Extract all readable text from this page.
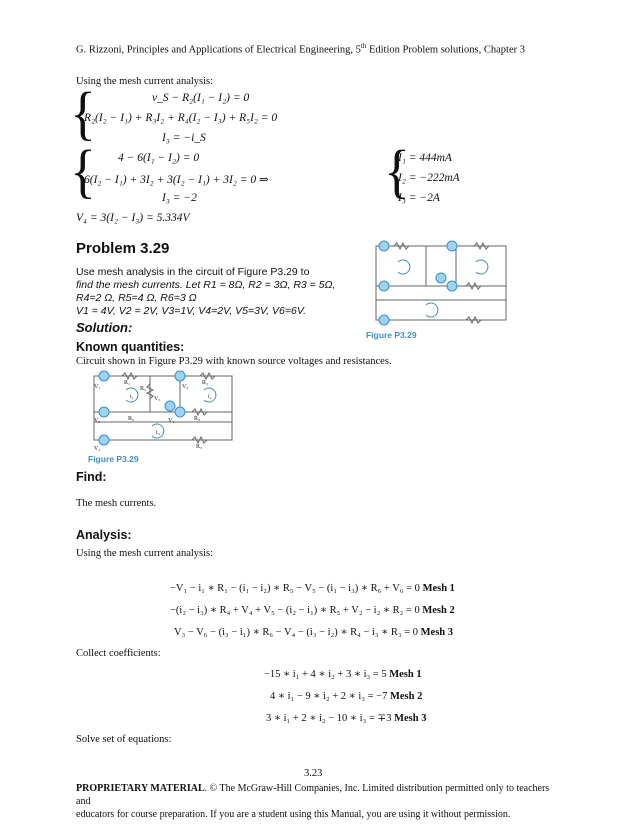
G. Rizzoni, Principles and Applications of Electrical Engineering, 5th Edition Problem solutions, Chapter 3
Using the mesh current analysis:
{	v_S − R₂(I₁ − I₂) = 0
R₂(I₂ − I₁) + R₃I₂ + R₄(I₂ − I₃) + R₅I₂ = 0
I₃ = −i_S
{ 4 − 6(I₁ − I₂) = 0
6(I₂ − I₁) + 3I₂ + 3(I₂ − I₁) + 3I₂ = 0 ⇒
I₃ = −2	{
I₁ = 444mA
I₂ = −222mA
I₃ = −2A
V₄ = 3(I₂ − I₃) = 5.334V
Problem 3.29
Use mesh analysis in the circuit of Figure P3.29 to
find the mesh currents. Let R1 = 8Ω, R2 = 3Ω, R3 = 5Ω,
R4=2 Ω, R5=4 Ω, R6=3 Ω
V1 = 4V, V2 = 2V, V3=1V, V4=2V, V5=3V, V6=6V.
Figure P3.29
Solution:
Known quantities:
Circuit shown in Figure P3.29 with known source voltages and resistances.
V₁	V₂
V₃
V₄
V₅
V₆
R₁	R₂
R₃
R₄
R₅
R₆
i₁	i₂
i₃
Figure P3.29
Find:
The mesh currents.
Analysis:
Using the mesh current analysis:
−V₁ − i₁ ∗ R₁ − (i₁ − i₂) ∗ R₅ − V₅ − (i₁ − i₃) ∗ R₆ + V₆ = 0 Mesh 1
−(i₂ − i₃) ∗ R₄ + V₄ + V₅ − (i₂ − i₁) ∗ R₅ + V₂ − i₂ ∗ R₂ = 0 Mesh 2
V₃ − V₆ − (i₃ − i₁) ∗ R₆ − V₄ − (i₃ − i₂) ∗ R₄ − i₃ ∗ R₃ = 0 Mesh 3
Collect coefficients:
−15 ∗ i₁ + 4 ∗ i₂ + 3 ∗ i₃ = 5 Mesh 1
4 ∗ i₁ − 9 ∗ i₂ + 2 ∗ i₃ = −7 Mesh 2
3 ∗ i₁ + 2 ∗ i₂ − 10 ∗ i₃ = ∓3 Mesh 3
Solve set of equations:
3.23
PROPRIETARY MATERIAL. © The McGraw-Hill Companies, Inc. Limited distribution permitted only to teachers and
educators for course preparation. If you are a student using this Manual, you are using it without permission.
